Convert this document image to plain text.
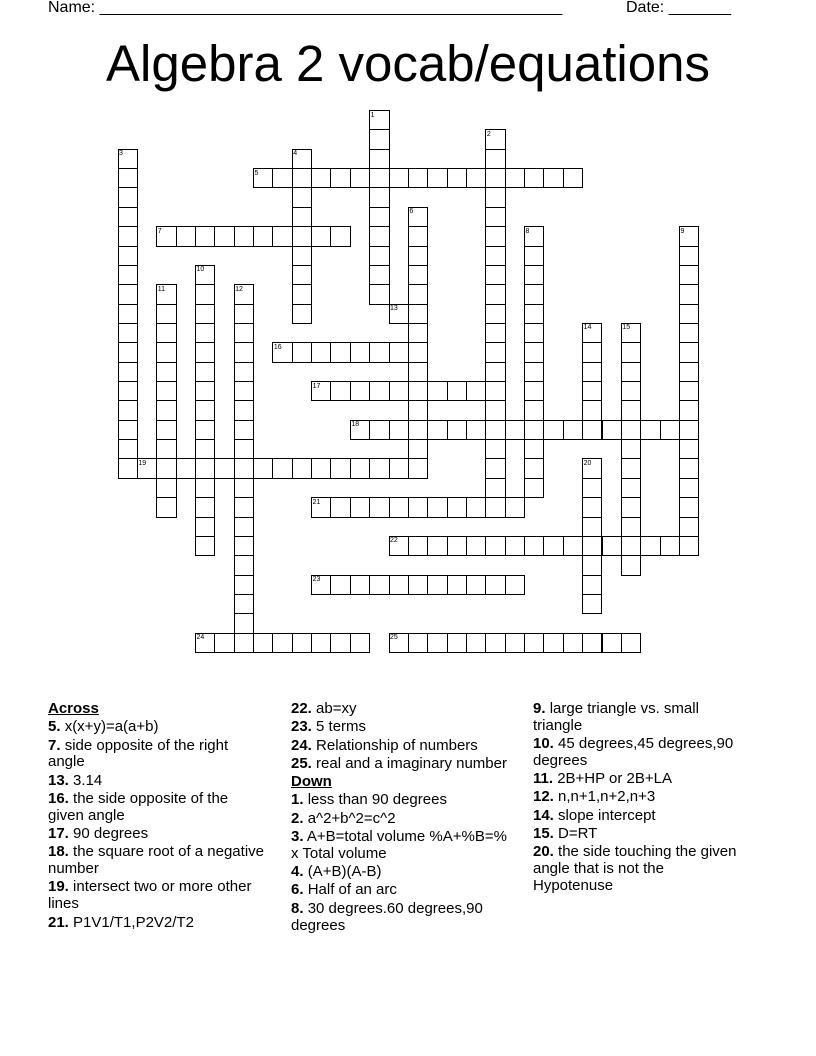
Name: ____________________________________________________	Date: _______
Algebra 2 vocab/equations
1
2
3	4
5
6
7	8	9
10
11	12
13
14	15
16
17
18
19	20
21
22
23
24	25
Across
5. x(x+y)=a(a+b)
7. side opposite of the right angle
13. 3.14
16. the side opposite of the given angle
17. 90 degrees
18. the square root of a negative number
19. intersect two or more other lines
21. P1V1/T1,P2V2/T2
22. ab=xy
23. 5 terms
24. Relationship of numbers
25. real and a imaginary number
Down
1. less than 90 degrees
2. a^2+b^2=c^2
3. A+B=total volume %A+%B=% x Total volume
4. (A+B)(A-B)
6. Half of an arc
8. 30 degrees.60 degrees,90 degrees
9. large triangle vs. small triangle
10. 45 degrees,45 degrees,90 degrees
11. 2B+HP or 2B+LA
12. n,n+1,n+2,n+3
14. slope intercept
15. D=RT
20. the side touching the given angle that is not the Hypotenuse
